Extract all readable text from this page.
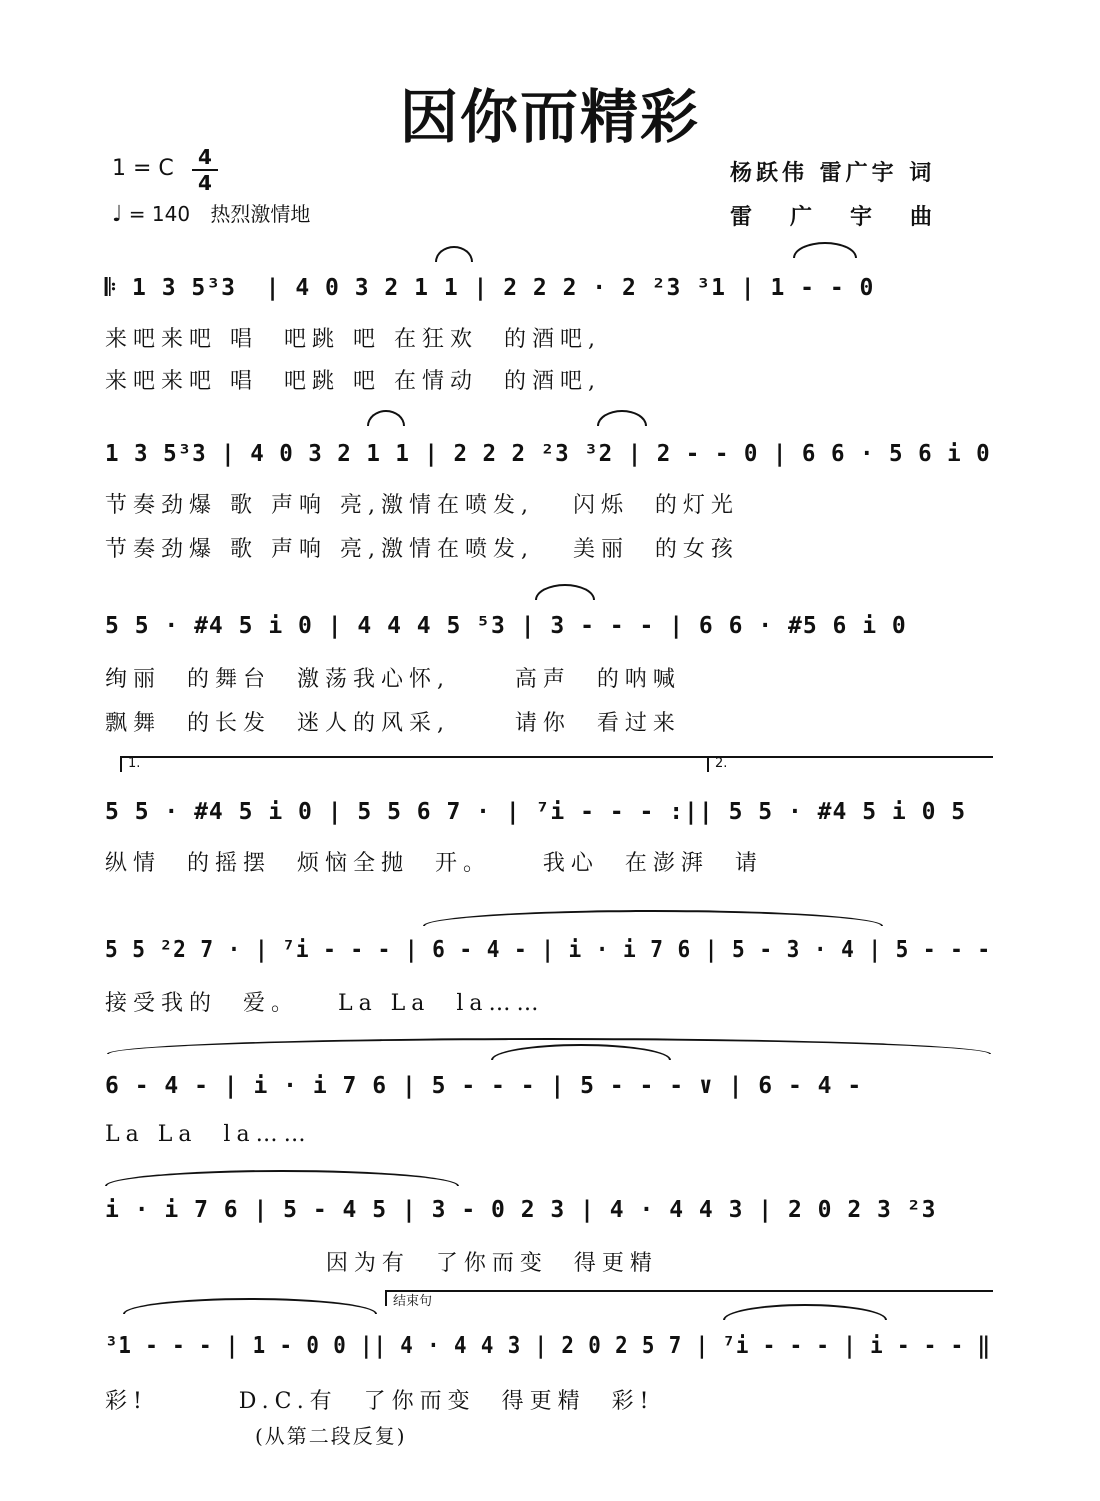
因你而精彩
1 = C	4
4
♩ = 140 热烈激情地
杨跃伟 雷广宇 词
雷广宇曲
𝄆 1 3 5³3  | 4 0 3 2 1 1 | 2 2 2 · 2 ²3 ³1 | 1 - - 0
来吧来吧 唱  吧跳 吧 在狂欢  的酒吧,
来吧来吧 唱  吧跳 吧 在情动  的酒吧,
1 3 5³3 | 4 0 3 2 1 1 | 2 2 2 ²3 ³2 | 2 - - 0 | 6 6 · 5 6 i 0
节奏劲爆 歌 声响 亮,激情在喷发,   闪烁  的灯光
节奏劲爆 歌 声响 亮,激情在喷发,   美丽  的女孩
5 5 · #4 5 i 0 | 4 4 4 5 ⁵3 | 3 - - - | 6 6 · #5 6 i 0
绚丽  的舞台  激荡我心怀,     高声  的呐喊
飘舞  的长发  迷人的风采,     请你  看过来
1.	2.
5 5 · #4 5 i 0 | 5 5 6 7 · | ⁷i - - - :|| 5 5 · #4 5 i 0 5
纵情  的摇摆  烦恼全抛  开。    我心  在澎湃  请
5 5 ²2 7 · | ⁷i - - - | 6 - 4 - | i · i 7 6 | 5 - 3 · 4 | 5 - - -
接受我的  爱。   La La  la……
6 - 4 - | i · i 7 6 | 5 - - - | 5 - - - ∨ | 6 - 4 -
La La  la……
i · i 7 6 | 5 - 4 5 | 3 - 0 2 3 | 4 · 4 4 3 | 2 0 2 3 ²3
因为有  了你而变  得更精
结束句
³1 - - - | 1 - 0 0 || 4 · 4 4 3 | 2 0 2 5 7 | ⁷i - - - | i - - - ‖
彩!       D.C.有  了你而变  得更精  彩!
(从第二段反复)
